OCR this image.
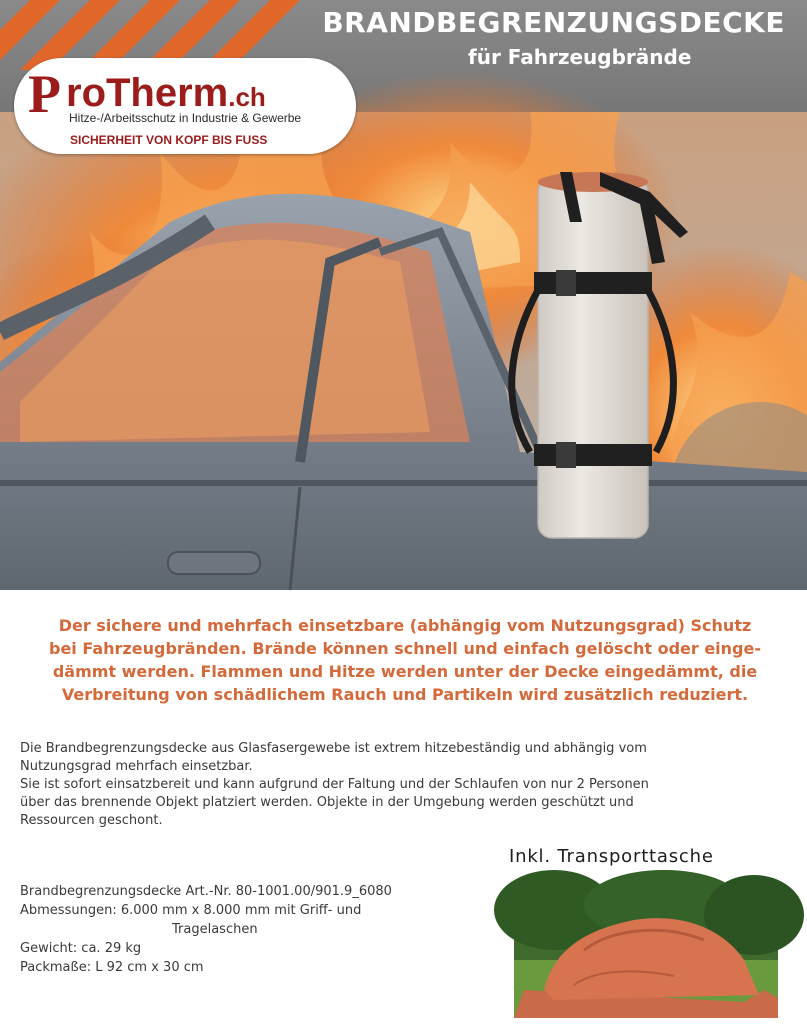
BRANDBEGRENZUNGSDECKE
für Fahrzeugbrände
P roTherm.ch
Hitze-/Arbeitsschutz in Industrie & Gewerbe
SICHERHEIT VON KOPF BIS FUSS
Der sichere und mehrfach einsetzbare (abhängig vom Nutzungsgrad) Schutz
bei Fahrzeugbränden. Brände können schnell und einfach gelöscht oder einge-
dämmt werden. Flammen und Hitze werden unter der Decke eingedämmt, die
Verbreitung von schädlichem Rauch und Partikeln wird zusätzlich reduziert.
Die Brandbegrenzungsdecke aus Glasfasergewebe ist extrem hitzebeständig und abhängig vom
Nutzungsgrad mehrfach einsetzbar.
Sie ist sofort einsatzbereit und kann aufgrund der Faltung und der Schlaufen von nur 2 Personen
über das brennende Objekt platziert werden. Objekte in der Umgebung werden geschützt und
Ressourcen geschont.
Inkl. Transporttasche
Brandbegrenzungsdecke Art.-Nr. 80-1001.00/901.9_6080
Abmessungen: 6.000 mm x 8.000 mm mit Griff- und
Tragelaschen
Gewicht: ca. 29 kg
Packmaße: L 92 cm x 30 cm
